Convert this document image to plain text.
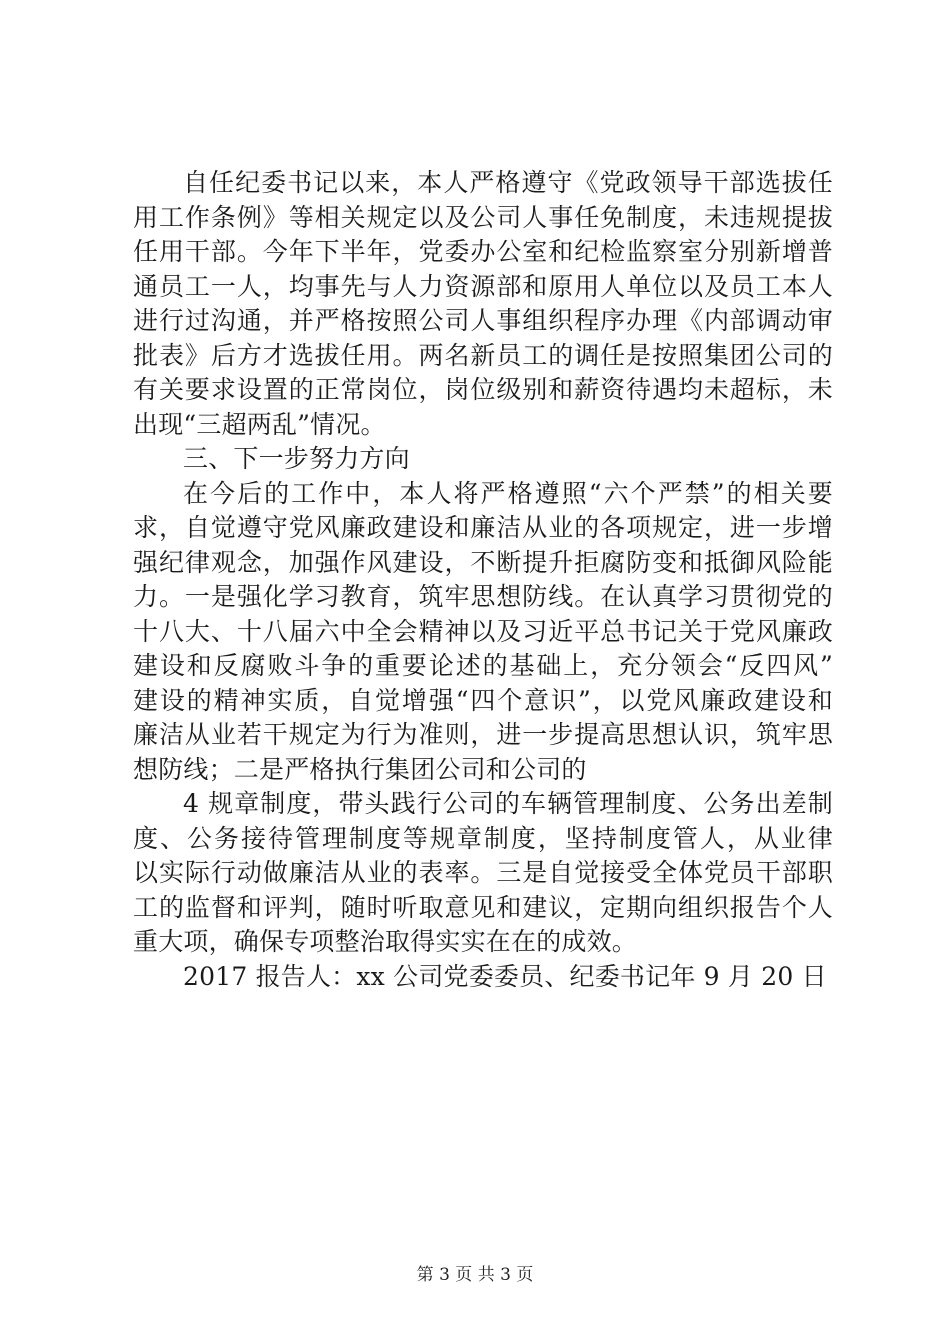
自任纪委书记以来，本人严格遵守《党政领导干部选拔任
用工作条例》等相关规定以及公司人事任免制度，未违规提拔
任用干部。今年下半年，党委办公室和纪检监察室分别新增普
通员工一人，均事先与人力资源部和原用人单位以及员工本人
进行过沟通，并严格按照公司人事组织程序办理《内部调动审
批表》后方才选拔任用。两名新员工的调任是按照集团公司的
有关要求设置的正常岗位，岗位级别和薪资待遇均未超标，未
出现“三超两乱”情况。
三、下一步努力方向
在今后的工作中，本人将严格遵照“六个严禁”的相关要
求，自觉遵守党风廉政建设和廉洁从业的各项规定，进一步增
强纪律观念，加强作风建设，不断提升拒腐防变和抵御风险能
力。一是强化学习教育，筑牢思想防线。在认真学习贯彻党的
十八大、十八届六中全会精神以及习近平总书记关于党风廉政
建设和反腐败斗争的重要论述的基础上，充分领会“反四风”
建设的精神实质，自觉增强“四个意识”，以党风廉政建设和
廉洁从业若干规定为行为准则，进一步提高思想认识，筑牢思
想防线；二是严格执行集团公司和公司的
4 规章制度，带头践行公司的车辆管理制度、公务出差制
度、公务接待管理制度等规章制度，坚持制度管人，从业律
以实际行动做廉洁从业的表率。三是自觉接受全体党员干部职
工的监督和评判，随时听取意见和建议，定期向组织报告个人
重大项，确保专项整治取得实实在在的成效。
2017 报告人：xx 公司党委委员、纪委书记年 9 月 20 日
第 3 页 共 3 页
